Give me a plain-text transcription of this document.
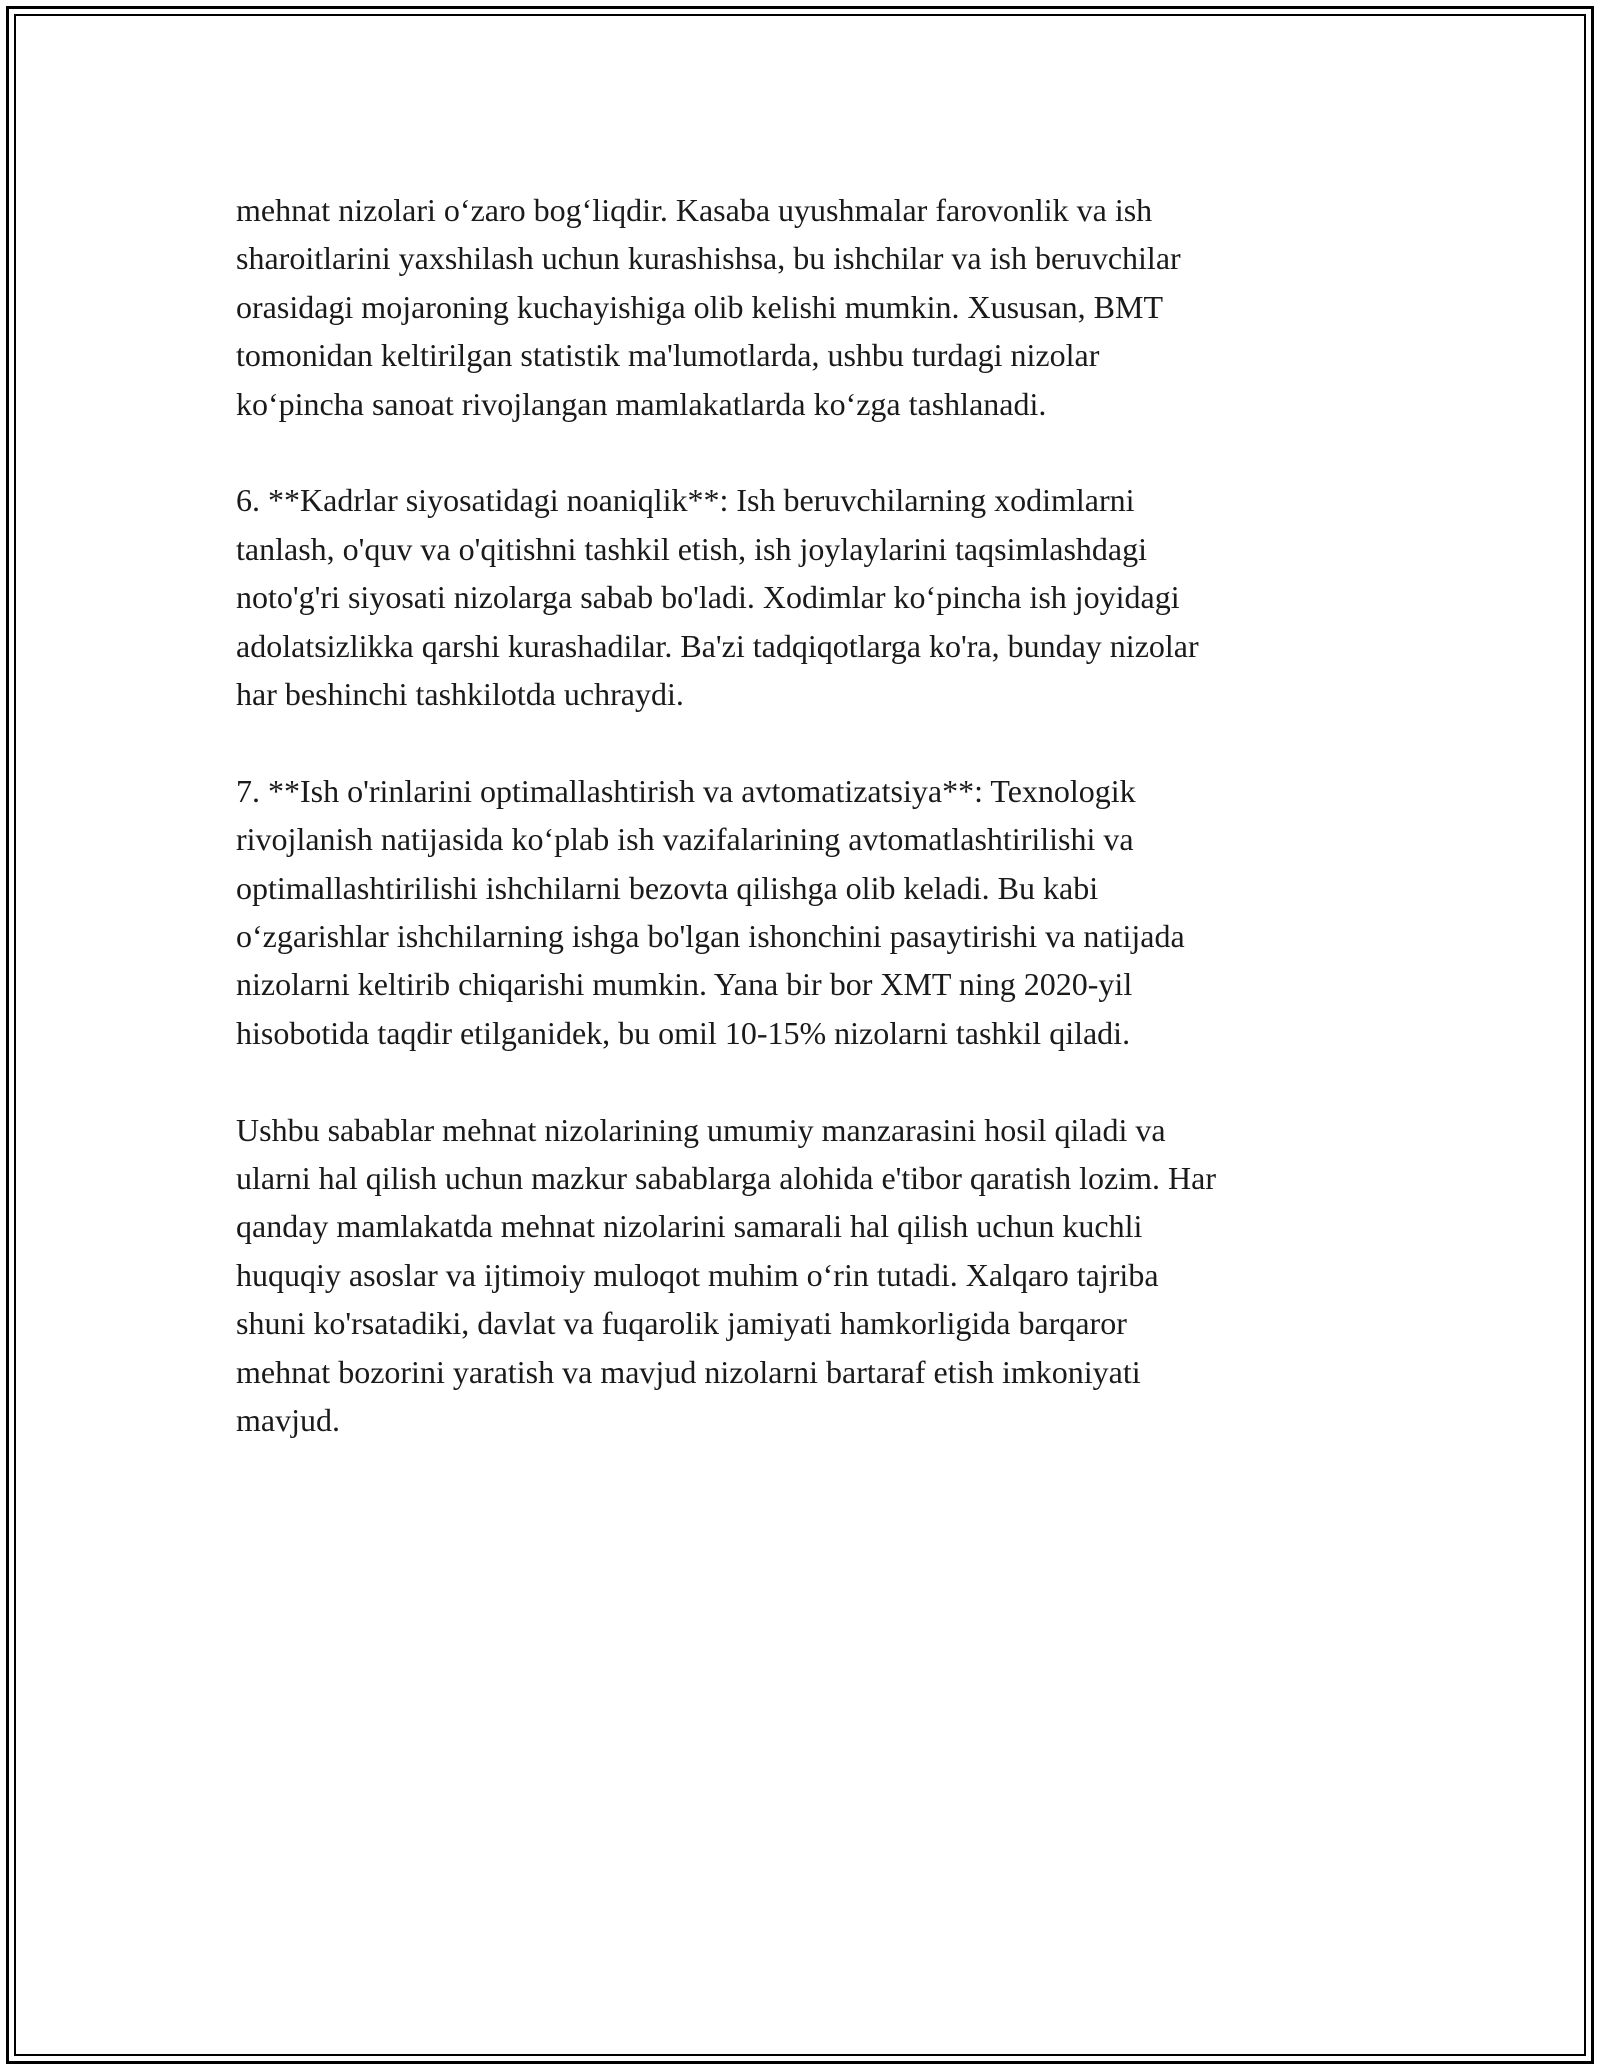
mehnat nizolari o‘zaro bog‘liqdir. Kasaba uyushmalar farovonlik va ish
sharoitlarini yaxshilash uchun kurashishsa, bu ishchilar va ish beruvchilar
orasidagi mojaroning kuchayishiga olib kelishi mumkin. Xususan, BMT
tomonidan keltirilgan statistik ma'lumotlarda, ushbu turdagi nizolar
ko‘pincha sanoat rivojlangan mamlakatlarda ko‘zga tashlanadi.
6. **Kadrlar siyosatidagi noaniqlik**: Ish beruvchilarning xodimlarni
tanlash, o'quv va o'qitishni tashkil etish, ish joylaylarini taqsimlashdagi
noto'g'ri siyosati nizolarga sabab bo'ladi. Xodimlar ko‘pincha ish joyidagi
adolatsizlikka qarshi kurashadilar. Ba'zi tadqiqotlarga ko'ra, bunday nizolar
har beshinchi tashkilotda uchraydi.
7. **Ish o'rinlarini optimallashtirish va avtomatizatsiya**: Texnologik
rivojlanish natijasida ko‘plab ish vazifalarining avtomatlashtirilishi va
optimallashtirilishi ishchilarni bezovta qilishga olib keladi. Bu kabi
o‘zgarishlar ishchilarning ishga bo'lgan ishonchini pasaytirishi va natijada
nizolarni keltirib chiqarishi mumkin. Yana bir bor XMT ning 2020-yil
hisobotida taqdir etilganidek, bu omil 10-15% nizolarni tashkil qiladi.
Ushbu sabablar mehnat nizolarining umumiy manzarasini hosil qiladi va
ularni hal qilish uchun mazkur sabablarga alohida e'tibor qaratish lozim. Har
qanday mamlakatda mehnat nizolarini samarali hal qilish uchun kuchli
huquqiy asoslar va ijtimoiy muloqot muhim o‘rin tutadi. Xalqaro tajriba
shuni ko'rsatadiki, davlat va fuqarolik jamiyati hamkorligida barqaror
mehnat bozorini yaratish va mavjud nizolarni bartaraf etish imkoniyati
mavjud.
